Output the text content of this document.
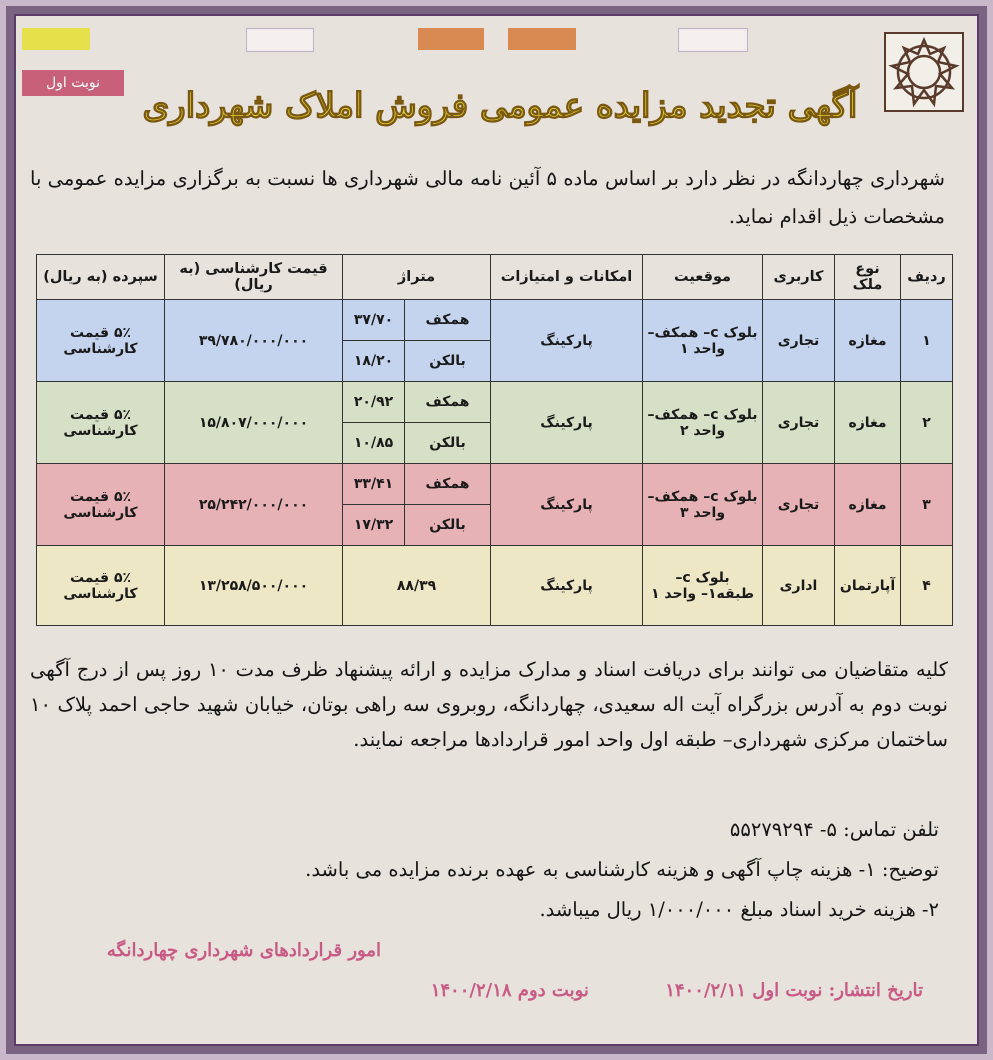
نوبت اول
آگهی تجدید مزایده عمومی فروش املاک شهرداری
شهرداری چهاردانگه در نظر دارد بر اساس ماده ۵ آئین نامه مالی شهرداری ها نسبت به برگزاری مزایده عمومی با مشخصات ذیل اقدام نماید.
ردیف	نوع ملک	کاربری	موقعیت	امکانات و امتیازات	متراژ		قیمت کارشناسی (به ریال)	سپرده (به ریال)
۱	مغازه	تجاری	بلوک c– همکف– واحد ۱	پارکینگ	همکف	۳۷/۷۰	۳۹/۷۸۰/۰۰۰/۰۰۰	۵٪ قیمت کارشناسی
					بالکن	۱۸/۲۰		
۲	مغازه	تجاری	بلوک c– همکف– واحد ۲	پارکینگ	همکف	۲۰/۹۲	۱۵/۸۰۷/۰۰۰/۰۰۰	۵٪ قیمت کارشناسی
					بالکن	۱۰/۸۵		
۳	مغازه	تجاری	بلوک c– همکف– واحد ۳	پارکینگ	همکف	۳۳/۴۱	۲۵/۲۴۲/۰۰۰/۰۰۰	۵٪ قیمت کارشناسی
					بالکن	۱۷/۳۲		
۴	آپارتمان	اداری	بلوک c– طبقه۱– واحد ۱	پارکینگ	۸۸/۳۹		۱۳/۲۵۸/۵۰۰/۰۰۰	۵٪ قیمت کارشناسی
کلیه متقاضیان می توانند برای دریافت اسناد و مدارک مزایده و ارائه پیشنهاد ظرف مدت ۱۰ روز پس از درج آگهی نوبت دوم به آدرس بزرگراه آیت اله سعیدی، چهاردانگه، روبروی سه راهی بوتان، خیابان شهید حاجی احمد پلاک ۱۰ ساختمان مرکزی شهرداری– طبقه اول واحد امور قراردادها مراجعه نمایند.
تلفن تماس: ۵- ۵۵۲۷۹۲۹۴
توضیح: ۱- هزینه چاپ آگهی و هزینه کارشناسی به عهده برنده مزایده می باشد.
۲- هزینه خرید اسناد مبلغ ۱/۰۰۰/۰۰۰ ریال میباشد.
امور قراردادهای شهرداری چهاردانگه
تاریخ انتشار: نوبت اول ۱۴۰۰/۲/۱۱ نوبت دوم ۱۴۰۰/۲/۱۸
